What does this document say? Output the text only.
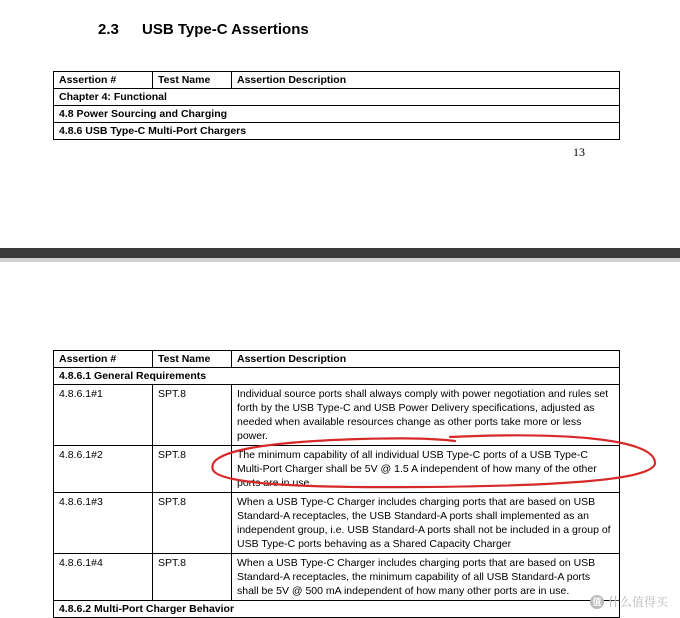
2.3 USB Type-C Assertions
Assertion #	Test Name	Assertion Description
Chapter 4: Functional
4.8 Power Sourcing and Charging
4.8.6 USB Type-C Multi-Port Chargers
13
Assertion #	Test Name	Assertion Description
4.8.6.1 General Requirements		
4.8.6.1#1	SPT.8	Individual source ports shall always comply with power negotiation and rules set forth by the USB Type-C and USB Power Delivery specifications, adjusted as needed when available resources change as other ports take more or less power.
4.8.6.1#2	SPT.8	The minimum capability of all individual USB Type-C ports of a USB Type-C Multi-Port Charger shall be 5V @ 1.5 A independent of how many of the other ports are in use.
4.8.6.1#3	SPT.8	When a USB Type-C Charger includes charging ports that are based on USB Standard-A receptacles, the USB Standard-A ports shall implemented as an independent group, i.e. USB Standard-A ports shall not be included in a group of USB Type-C ports behaving as a Shared Capacity Charger
4.8.6.1#4	SPT.8	When a USB Type-C Charger includes charging ports that are based on USB Standard-A receptacles, the minimum capability of all USB Standard-A ports shall be 5V @ 500 mA independent of how many other ports are in use.
4.8.6.2 Multi-Port Charger Behavior		
值 什么值得买
